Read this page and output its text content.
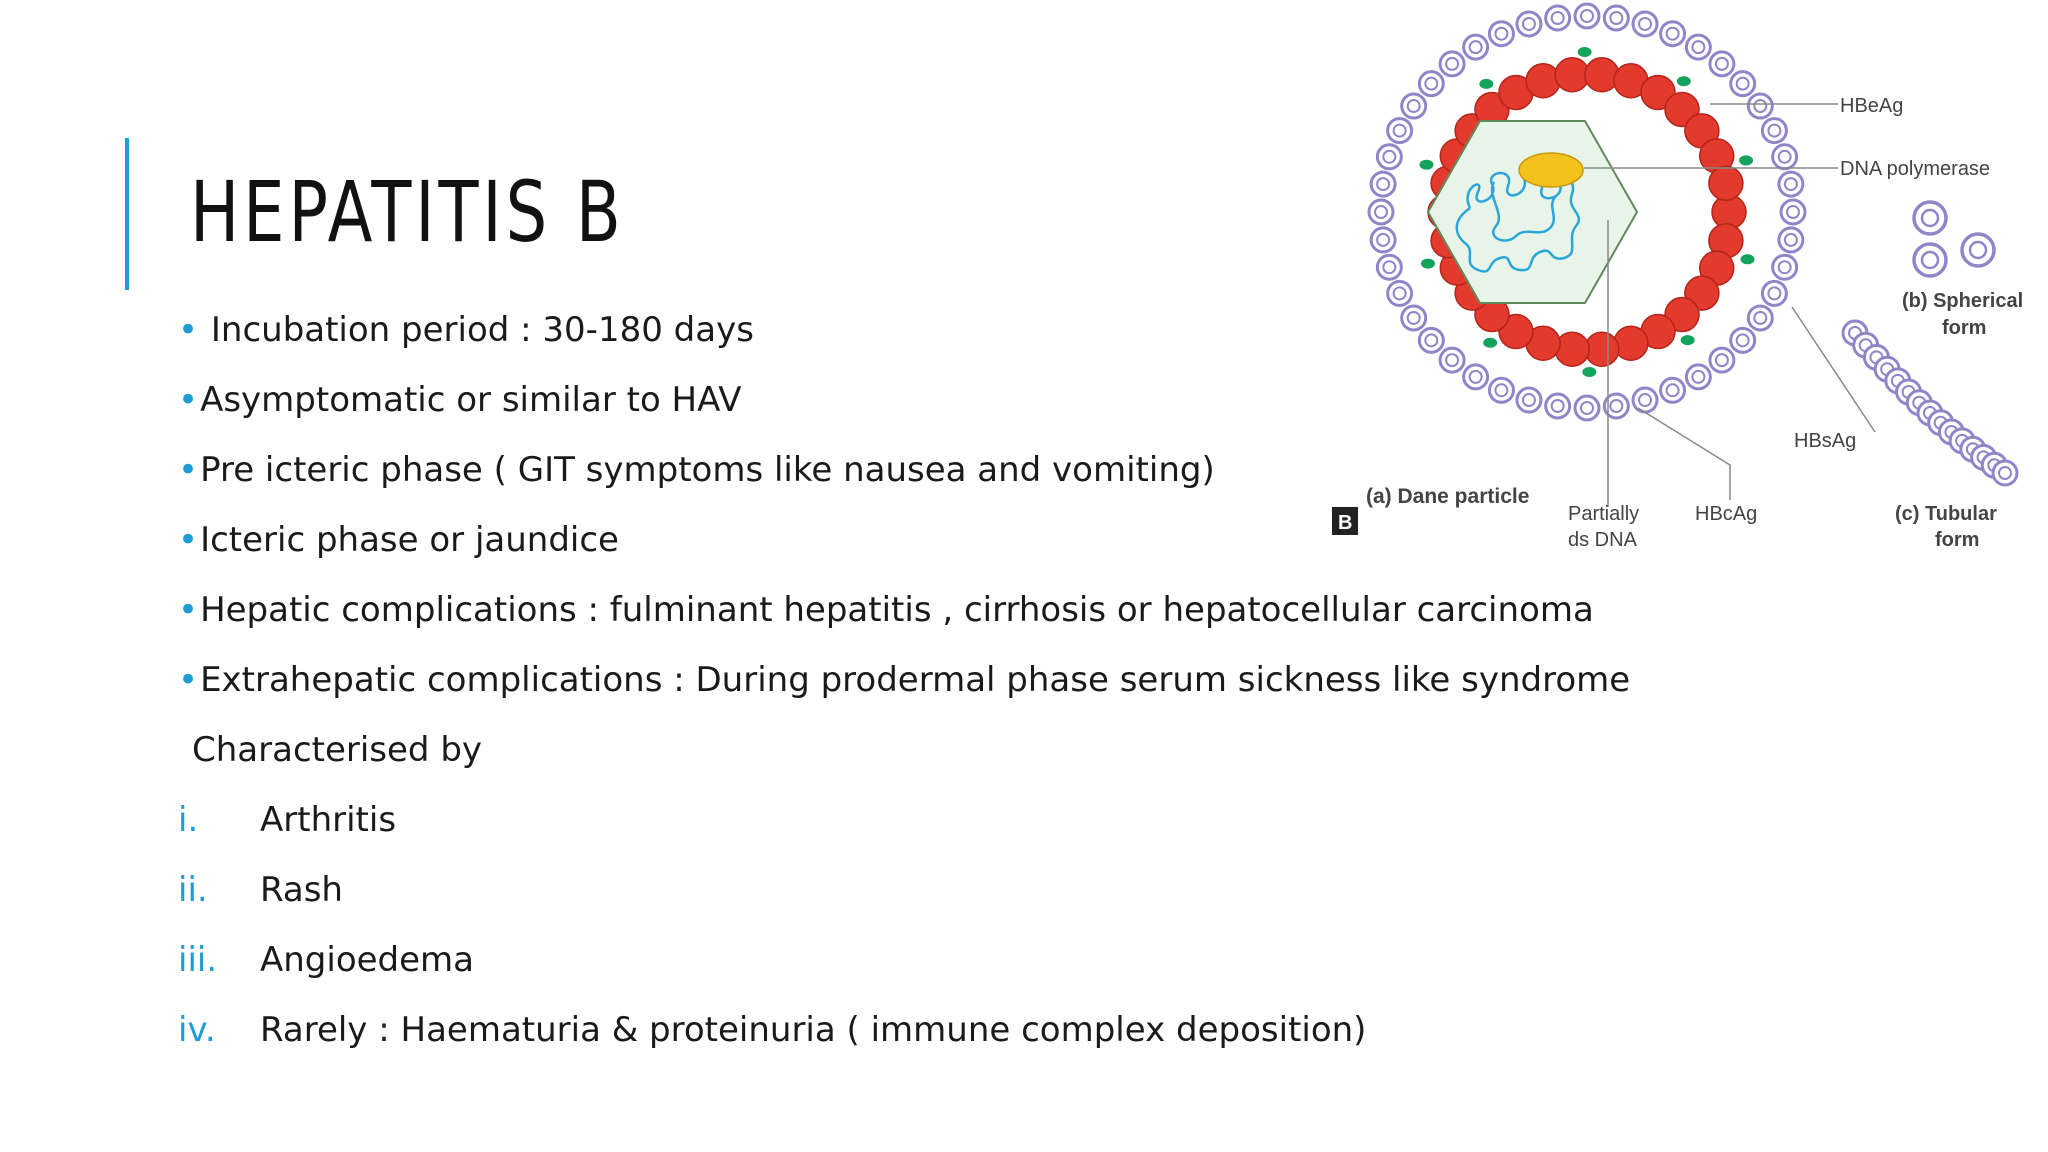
HEPATITIS B
• Incubation period : 30-180 days
•Asymptomatic or similar to HAV
•Pre icteric phase ( GIT symptoms like nausea and vomiting)
•Icteric phase or jaundice
•Hepatic complications : fulminant hepatitis , cirrhosis or hepatocellular carcinoma
•Extrahepatic complications : During prodermal phase serum sickness like syndrome
Characterised by
i.	Arthritis
ii.	Rash
iii.	Angioedema
iv.	Rarely : Haematuria & proteinuria ( immune complex deposition)
HBeAg
DNA polymerase
(b) Spherical
form
HBsAg
(a) Dane particle
Partially
ds DNA
HBcAg	(c) Tubular
form
B
